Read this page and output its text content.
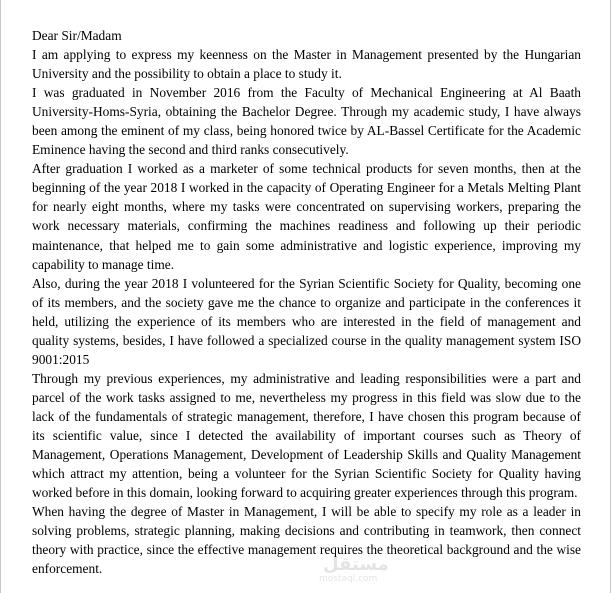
Dear Sir/Madam

I am applying to express my keenness on the Master in Management presented by the Hungarian University and the possibility to obtain a place to study it.

I was graduated in November 2016 from the Faculty of Mechanical Engineering at Al Baath University-Homs-Syria, obtaining the Bachelor Degree. Through my academic study, I have always been among the eminent of my class, being honored twice by AL-Bassel Certificate for the Academic Eminence having the second and third ranks consecutively.

After graduation I worked as a marketer of some technical products for seven months, then at the beginning of the year 2018 I worked in the capacity of Operating Engineer for a Metals Melting Plant for nearly eight months, where my tasks were concentrated on supervising workers, preparing the work necessary materials, confirming the machines readiness and following up their periodic maintenance, that helped me to gain some administrative and logistic experience, improving my capability to manage time.

Also, during the year 2018 I volunteered for the Syrian Scientific Society for Quality, becoming one of its members, and the society gave me the chance to organize and participate in the conferences it held, utilizing the experience of its members who are interested in the field of management and quality systems, besides, I have followed a specialized course in the quality management system ISO 9001:2015

Through my previous experiences, my administrative and leading responsibilities were a part and parcel of the work tasks assigned to me, nevertheless my progress in this field was slow due to the lack of the fundamentals of strategic management, therefore, I have chosen this program because of its scientific value, since I detected the availability of important courses such as Theory of Management, Operations Management, Development of Leadership Skills and Quality Management which attract my attention, being a volunteer for the Syrian Scientific Society for Quality having worked before in this domain, looking forward to acquiring greater experiences through this program.

When having the degree of Master in Management, I will be able to specify my role as a leader in solving problems, strategic planning, making decisions and contributing in teamwork, then connect theory with practice, since the effective management requires the theoretical background and the wise enforcement.	مستقل
mostaql.com
